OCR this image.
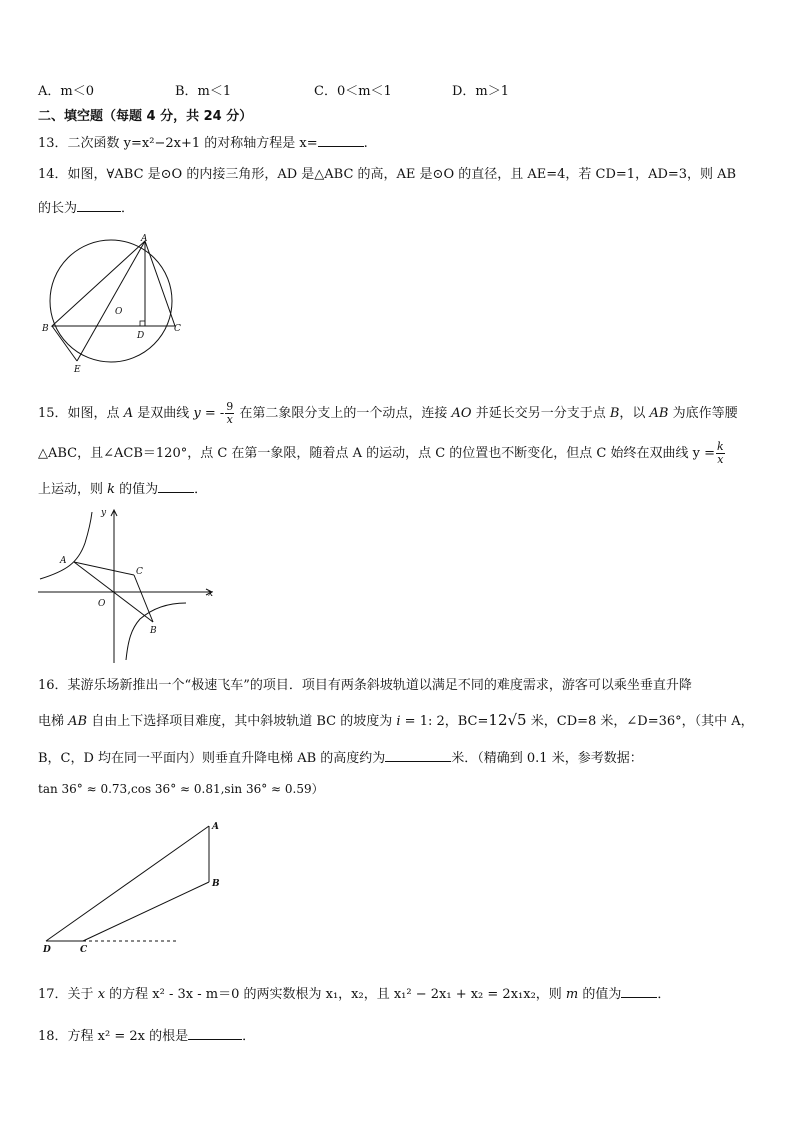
A．m＜0	B．m＜1	C．0＜m＜1	D．m＞1
二、填空题（每题 4 分，共 24 分）
13．二次函数 y=x²−2x+1 的对称轴方程是 x=	.
14．如图，∀ABC 是⊙O 的内接三角形，AD 是△ABC 的高，AE 是⊙O 的直径，且 AE=4，若 CD=1，AD=3，则 AB
的长为	．
A
B	C
D
E
O
15．如图，点 A 是双曲线 y = - $\frac{9}{x}$ 在第二象限分支上的一个动点，连接 AO 并延长交另一分支于点 B，以 AB 为底作等腰
△ABC，且∠ACB＝120°，点 C 在第一象限，随着点 A 的运动，点 C 的位置也不断变化，但点 C 始终在双曲线 $y = \frac{k}{x}$
上运动，则 k 的值为	．
y
x
A
C
O
B
16．某游乐场新推出一个“极速飞车”的项目．项目有两条斜坡轨道以满足不同的难度需求，游客可以乘坐垂直升降
电梯 AB 自由上下选择项目难度，其中斜坡轨道 BC 的坡度为 i = 1: 2，BC=12√5 米，CD=8 米，∠D=36°，（其中 A，
B，C，D 均在同一平面内）则垂直升降电梯 AB 的高度约为	米．（精确到 0.1 米，参考数据：
tan 36° ≈ 0.73,cos 36° ≈ 0.81,sin 36° ≈ 0.59）
A
B
D	C
17．关于 x 的方程 x² - 3x - m＝0 的两实数根为 x₁，x₂，且 x₁² − 2x₁ + x₂ = 2x₁x₂，则 m 的值为	．
18．方程 x² = 2x 的根是	．
